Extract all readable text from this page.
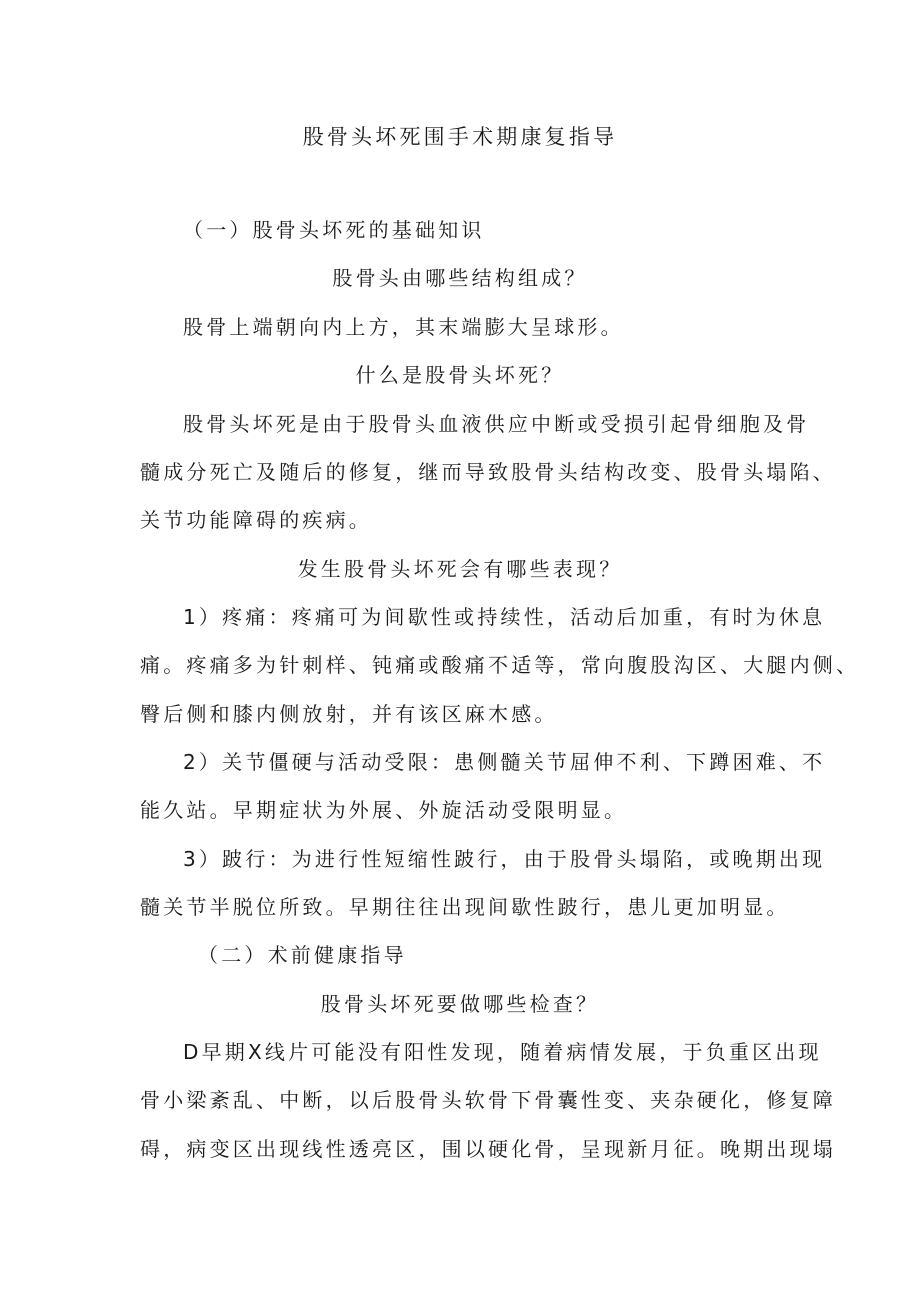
股骨头坏死围手术期康复指导
（一）股骨头坏死的基础知识
股骨头由哪些结构组成？
股骨上端朝向内上方，其末端膨大呈球形。
什么是股骨头坏死？
股骨头坏死是由于股骨头血液供应中断或受损引起骨细胞及骨
髓成分死亡及随后的修复，继而导致股骨头结构改变、股骨头塌陷、
关节功能障碍的疾病。
发生股骨头坏死会有哪些表现？
1）疼痛：疼痛可为间歇性或持续性，活动后加重，有时为休息
痛。疼痛多为针刺样、钝痛或酸痛不适等，常向腹股沟区、大腿内侧、
臀后侧和膝内侧放射，并有该区麻木感。
2）关节僵硬与活动受限：患侧髓关节屈伸不利、下蹲困难、不
能久站。早期症状为外展、外旋活动受限明显。
3）跛行：为进行性短缩性跛行，由于股骨头塌陷，或晚期出现
髓关节半脱位所致。早期往往出现间歇性跛行，患儿更加明显。
（二）术前健康指导
股骨头坏死要做哪些检查？
D早期X线片可能没有阳性发现，随着病情发展，于负重区出现
骨小梁紊乱、中断，以后股骨头软骨下骨囊性变、夹杂硬化，修复障
碍，病变区出现线性透亮区，围以硬化骨，呈现新月征。晚期出现塌
